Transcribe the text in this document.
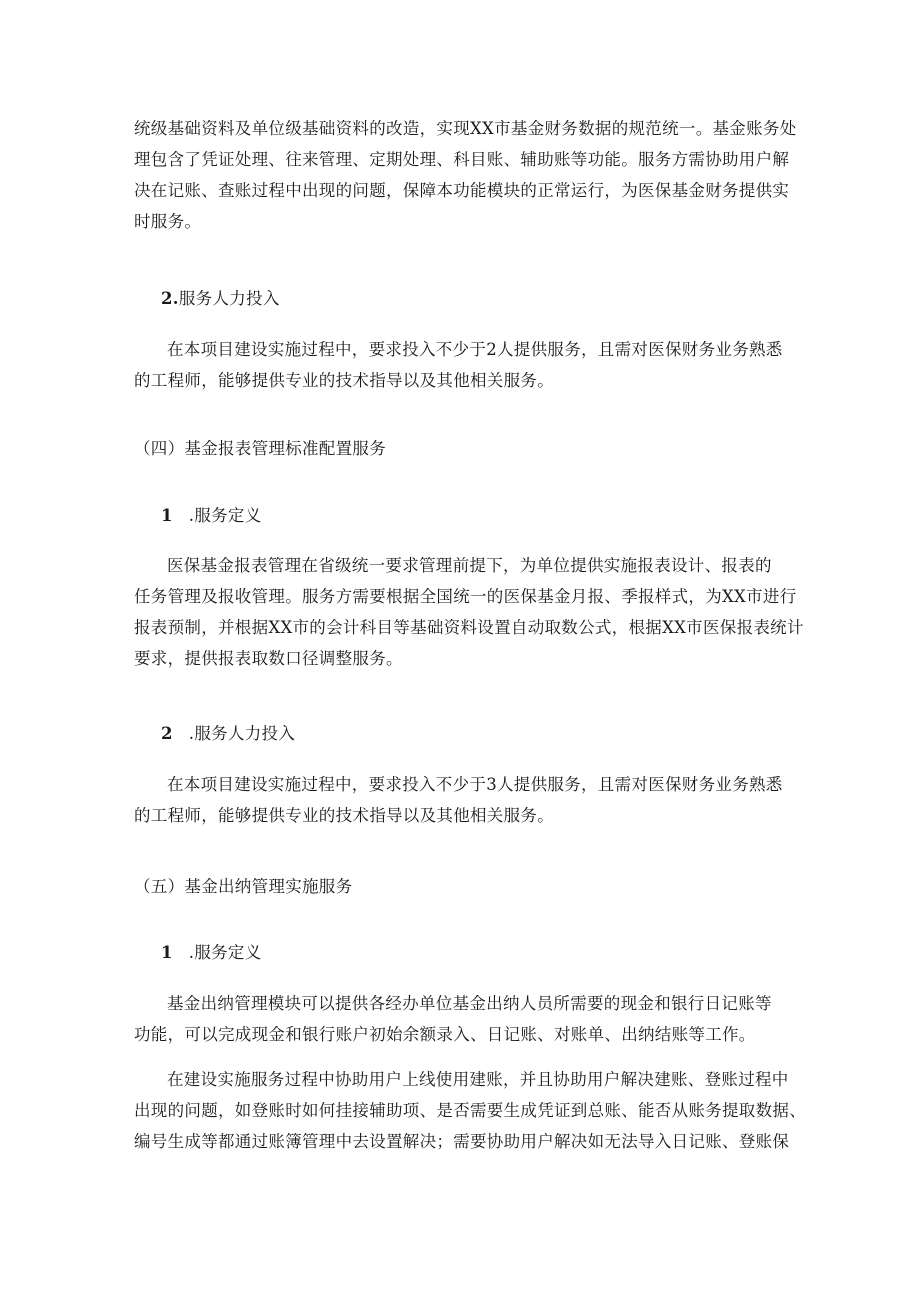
统级基础资料及单位级基础资料的改造，实现XX市基金财务数据的规范统一。基金账务处
理包含了凭证处理、往来管理、定期处理、科目账、辅助账等功能。服务方需协助用户解
决在记账、查账过程中出现的问题，保障本功能模块的正常运行，为医保基金财务提供实
时服务。
2.服务人力投入
在本项目建设实施过程中，要求投入不少于2人提供服务，且需对医保财务业务熟悉
的工程师，能够提供专业的技术指导以及其他相关服务。
（四）基金报表管理标准配置服务
1 .服务定义
医保基金报表管理在省级统一要求管理前提下，为单位提供实施报表设计、报表的
任务管理及报收管理。服务方需要根据全国统一的医保基金月报、季报样式，为XX市进行
报表预制，并根据XX市的会计科目等基础资料设置自动取数公式，根据XX市医保报表统计
要求，提供报表取数口径调整服务。
2 .服务人力投入
在本项目建设实施过程中，要求投入不少于3人提供服务，且需对医保财务业务熟悉
的工程师，能够提供专业的技术指导以及其他相关服务。
（五）基金出纳管理实施服务
1 .服务定义
基金出纳管理模块可以提供各经办单位基金出纳人员所需要的现金和银行日记账等
功能，可以完成现金和银行账户初始余额录入、日记账、对账单、出纳结账等工作。
在建设实施服务过程中协助用户上线使用建账，并且协助用户解决建账、登账过程中
出现的问题，如登账时如何挂接辅助项、是否需要生成凭证到总账、能否从账务提取数据、
编号生成等都通过账簿管理中去设置解决；需要协助用户解决如无法导入日记账、登账保
